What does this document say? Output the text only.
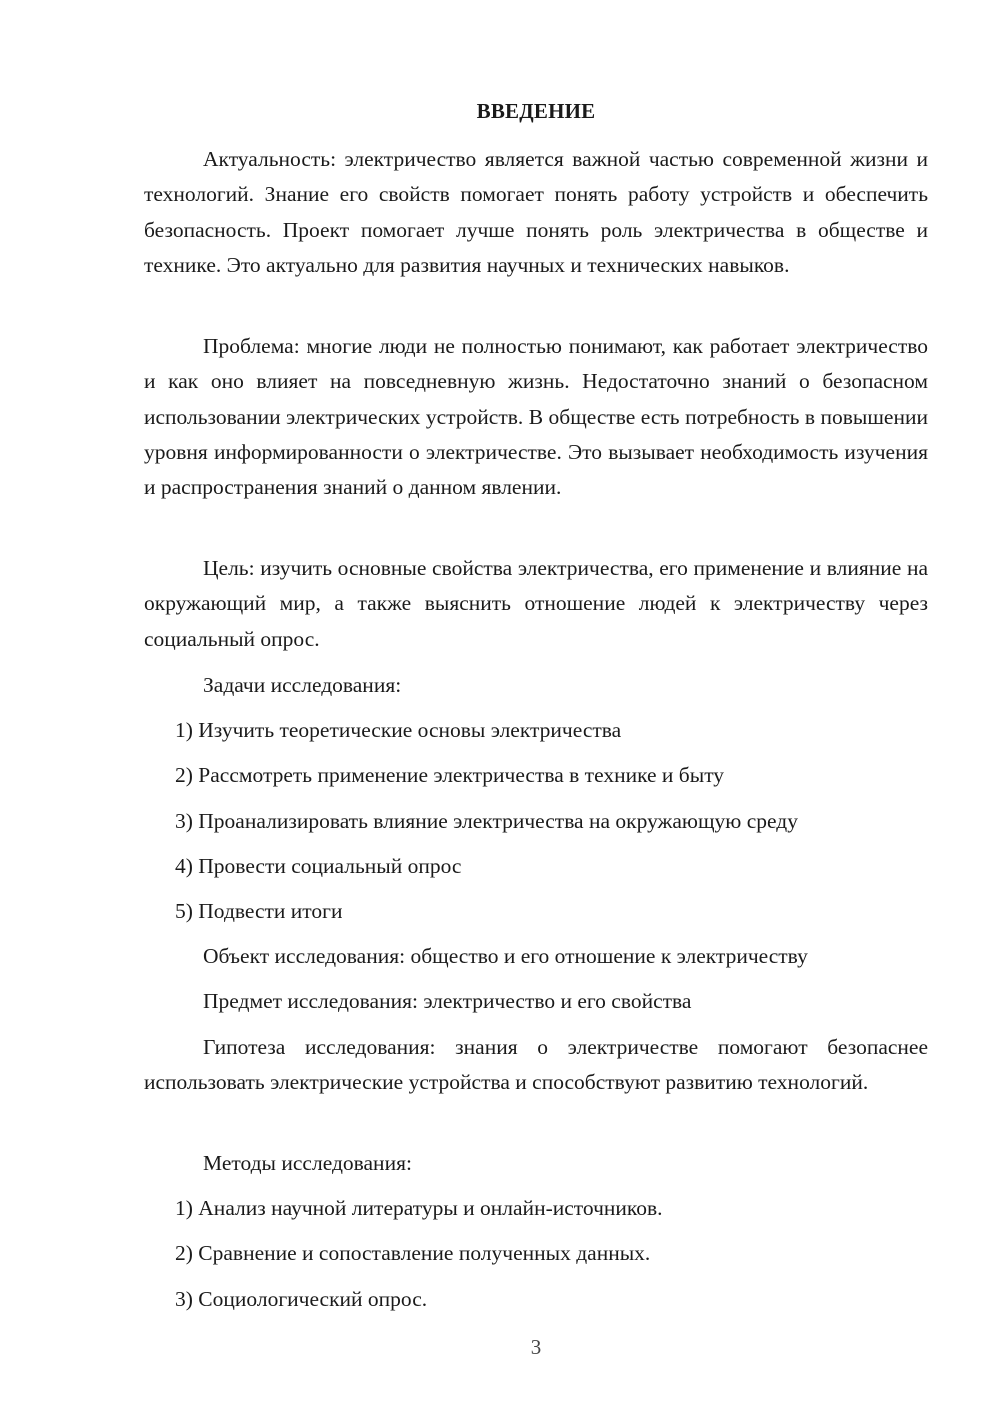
ВВЕДЕНИЕ

Актуальность: электричество является важной частью современной жизни и технологий. Знание его свойств помогает понять работу устройств и обеспечить безопасность. Проект помогает лучше понять роль электричества в обществе и технике. Это актуально для развития научных и технических навыков.

Проблема: многие люди не полностью понимают, как работает электричество и как оно влияет на повседневную жизнь. Недостаточно знаний о безопасном использовании электрических устройств. В обществе есть потребность в повышении уровня информированности о электричестве. Это вызывает необходимость изучения и распространения знаний о данном явлении.

Цель: изучить основные свойства электричества, его применение и влияние на окружающий мир, а также выяснить отношение людей к электричеству через социальный опрос.

Задачи исследования:

1) Изучить теоретические основы электричества

2) Рассмотреть применение электричества в технике и быту

3) Проанализировать влияние электричества на окружающую среду

4) Провести социальный опрос

5) Подвести итоги

Объект исследования: общество и его отношение к электричеству

Предмет исследования: электричество и его свойства

Гипотеза исследования: знания о электричестве помогают безопаснее использовать электрические устройства и способствуют развитию технологий.

Методы исследования:

1) Анализ научной литературы и онлайн-источников.

2) Сравнение и сопоставление полученных данных.

3) Социологический опрос.

3
